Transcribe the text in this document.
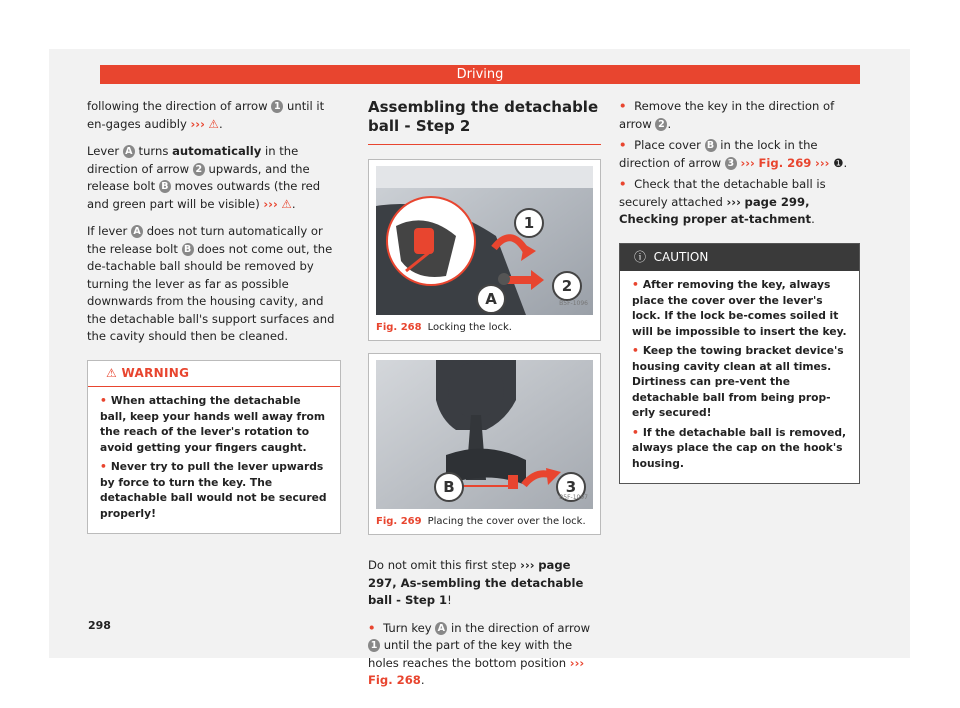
Driving

following the direction of arrow 1 until it en-gages audibly ››› ⚠.

Lever A turns automatically in the direction of arrow 2 upwards, and the release bolt B moves outwards (the red and green part will be visible) ››› ⚠.

If lever A does not turn automatically or the release bolt B does not come out, the de-tachable ball should be removed by turning the lever as far as possible downwards from the housing cavity, and the detachable ball's support surfaces and the cavity should then be cleaned.

⚠ WARNING
• When attaching the detachable ball, keep your hands well away from the reach of the lever's rotation to avoid getting your fingers caught.
• Never try to pull the lever upwards by force to turn the key. The detachable ball would not be secured properly!
Assembling the detachable ball - Step 2
1
2
A	B5F-1096
Fig. 268 Locking the lock.
B	3
B5F-1097
Fig. 269 Placing the cover over the lock.

Do not omit this first step ››› page 297, As-sembling the detachable ball - Step 1!

• Turn key A in the direction of arrow 1 until the part of the key with the holes reaches the bottom position ››› Fig. 268.

• Remove the key in the direction of arrow 2 .

• Place cover B in the lock in the direction of arrow 3 ››› Fig. 269 ››› ❶.

• Check that the detachable ball is securely attached ››› page 299, Checking proper at-tachment.

ⓘ CAUTION
• After removing the key, always place the cover over the lever's lock. If the lock be-comes soiled it will be impossible to insert the key.
• Keep the towing bracket device's housing cavity clean at all times. Dirtiness can pre-vent the detachable ball from being prop-erly secured!
• If the detachable ball is removed, always place the cap on the hook's housing.
298
